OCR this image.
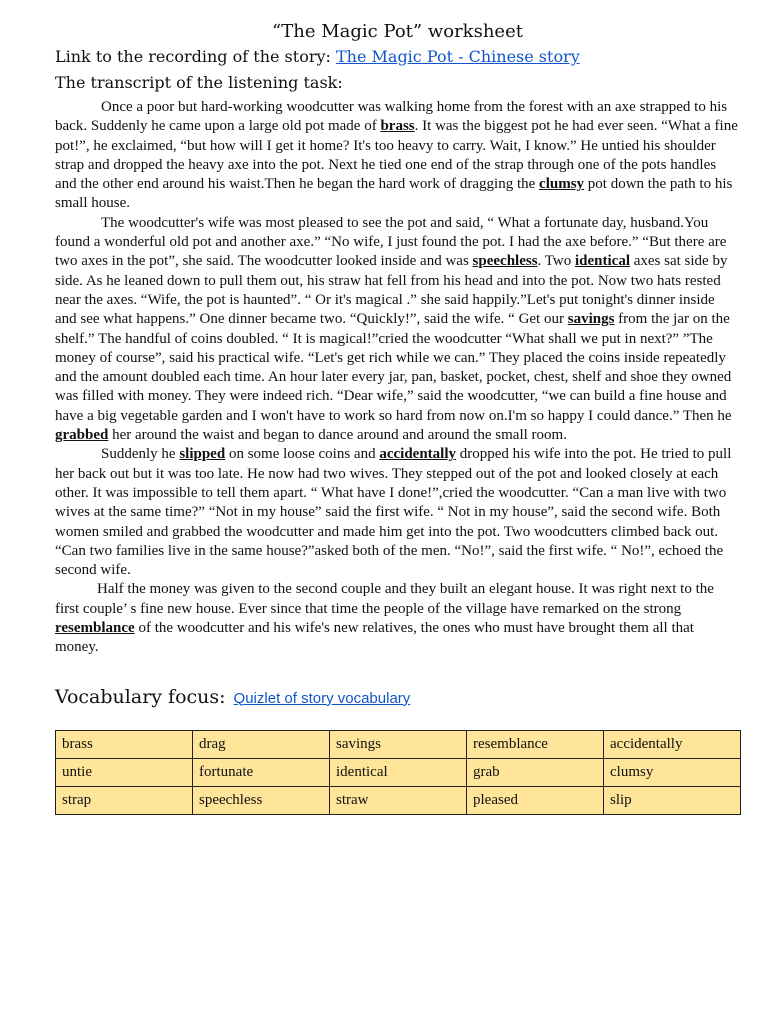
“The Magic Pot” worksheet

Link to the recording of the story: The Magic Pot - Chinese story

The transcript of the listening task:

Once a poor but hard-working woodcutter was walking home from the forest with an axe strapped to his back. Suddenly he came upon a large old pot made of brass. It was the biggest pot he had ever seen. “What a fine pot!”, he exclaimed, “but how will I get it home? It's too heavy to carry. Wait, I know.” He untied his shoulder strap and dropped the heavy axe into the pot. Next he tied one end of the strap through one of the pots handles and the other end around his waist.Then he began the hard work of dragging the clumsy pot down the path to his small house.

The woodcutter's wife was most pleased to see the pot and said, “ What a fortunate day, husband.You found a wonderful old pot and another axe.” “No wife, I just found the pot. I had the axe before.” “But there are two axes in the pot”, she said. The woodcutter looked inside and was speechless. Two identical axes sat side by side. As he leaned down to pull them out, his straw hat fell from his head and into the pot. Now two hats rested near the axes. “Wife, the pot is haunted”. “ Or it's magical .” she said happily.”Let's put tonight's dinner inside and see what happens.” One dinner became two. “Quickly!”, said the wife. “ Get our savings from the jar on the shelf.” The handful of coins doubled. “ It is magical!”cried the woodcutter “What shall we put in next?” ”The money of course”, said his practical wife. “Let's get rich while we can.” They placed the coins inside repeatedly and the amount doubled each time. An hour later every jar, pan, basket, pocket, chest, shelf and shoe they owned was filled with money. They were indeed rich. “Dear wife,” said the woodcutter, “we can build a fine house and have a big vegetable garden and I won't have to work so hard from now on.I'm so happy I could dance.” Then he grabbed her around the waist and began to dance around and around the small room.

Suddenly he slipped on some loose coins and accidentally dropped his wife into the pot. He tried to pull her back out but it was too late. He now had two wives. They stepped out of the pot and looked closely at each other. It was impossible to tell them apart. “ What have I done!”,cried the woodcutter. “Can a man live with two wives at the same time?” “Not in my house” said the first wife. “ Not in my house”, said the second wife. Both women smiled and grabbed the woodcutter and made him get into the pot. Two woodcutters climbed back out. “Can two families live in the same house?”asked both of the men. “No!”, said the first wife. “ No!”, echoed the second wife.

Half the money was given to the second couple and they built an elegant house. It was right next to the first couple’ s fine new house. Ever since that time the people of the village have remarked on the strong resemblance of the woodcutter and his wife's new relatives, the ones who must have brought them all that money.

Vocabulary focus: Quizlet of story vocabulary
brass	drag	savings	resemblance	accidentally
untie	fortunate	identical	grab	clumsy
strap	speechless	straw	pleased	slip
